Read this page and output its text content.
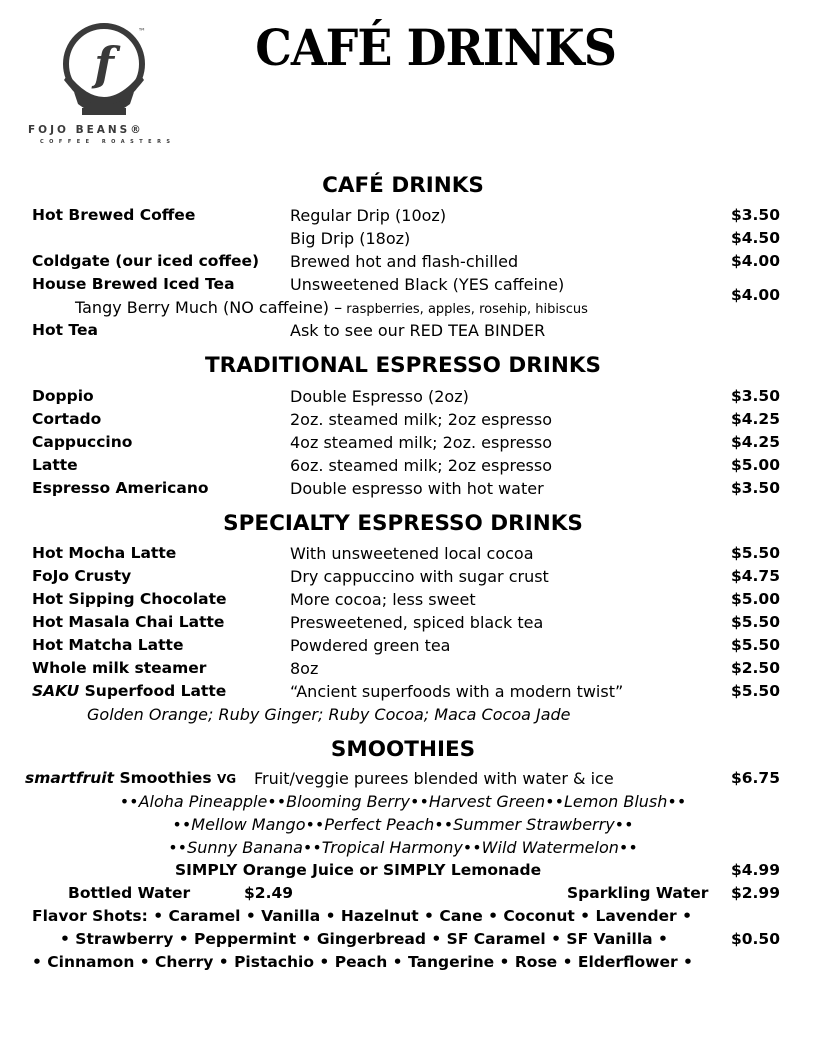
f
™
FOJO BEANS®
COFFEE ROASTERS
CAFÉ DRINKS
CAFÉ DRINKS
Hot Brewed Coffee	Regular Drip (10oz)	$3.50
Big Drip (18oz)	$4.50
Coldgate (our iced coffee) Brewed hot and flash-chilled	$4.00
House Brewed Iced Tea	Unsweetened Black (YES caffeine)
$4.00
Tangy Berry Much (NO caffeine) – raspberries, apples, rosehip, hibiscus
Hot Tea	Ask to see our RED TEA BINDER
TRADITIONAL ESPRESSO DRINKS
Doppio	Double Espresso (2oz)	$3.50
Cortado	2oz. steamed milk; 2oz espresso	$4.25
Cappuccino	4oz steamed milk; 2oz. espresso	$4.25
Latte	6oz. steamed milk; 2oz espresso	$5.00
Espresso Americano	Double espresso with hot water	$3.50
SPECIALTY ESPRESSO DRINKS
Hot Mocha Latte	With unsweetened local cocoa	$5.50
FoJo Crusty	Dry cappuccino with sugar crust	$4.75
Hot Sipping Chocolate	More cocoa; less sweet	$5.00
Hot Masala Chai Latte	Presweetened, spiced black tea	$5.50
Hot Matcha Latte	Powdered green tea	$5.50
Whole milk steamer	8oz	$2.50
SAKU Superfood Latte	“Ancient superfoods with a modern twist”	$5.50
Golden Orange; Ruby Ginger; Ruby Cocoa; Maca Cocoa Jade
SMOOTHIES
smartfruit Smoothies VG Fruit/veggie purees blended with water & ice	$6.75
••Aloha Pineapple••Blooming Berry••Harvest Green••Lemon Blush••
••Mellow Mango••Perfect Peach••Summer Strawberry••
••Sunny Banana••Tropical Harmony••Wild Watermelon••
SIMPLY Orange Juice or SIMPLY Lemonade	$4.99
Bottled Water	$2.49	Sparkling Water $2.99
Flavor Shots: • Caramel • Vanilla • Hazelnut • Cane • Coconut • Lavender •
• Strawberry • Peppermint • Gingerbread • SF Caramel • SF Vanilla •	$0.50
• Cinnamon • Cherry • Pistachio • Peach • Tangerine • Rose • Elderflower •
